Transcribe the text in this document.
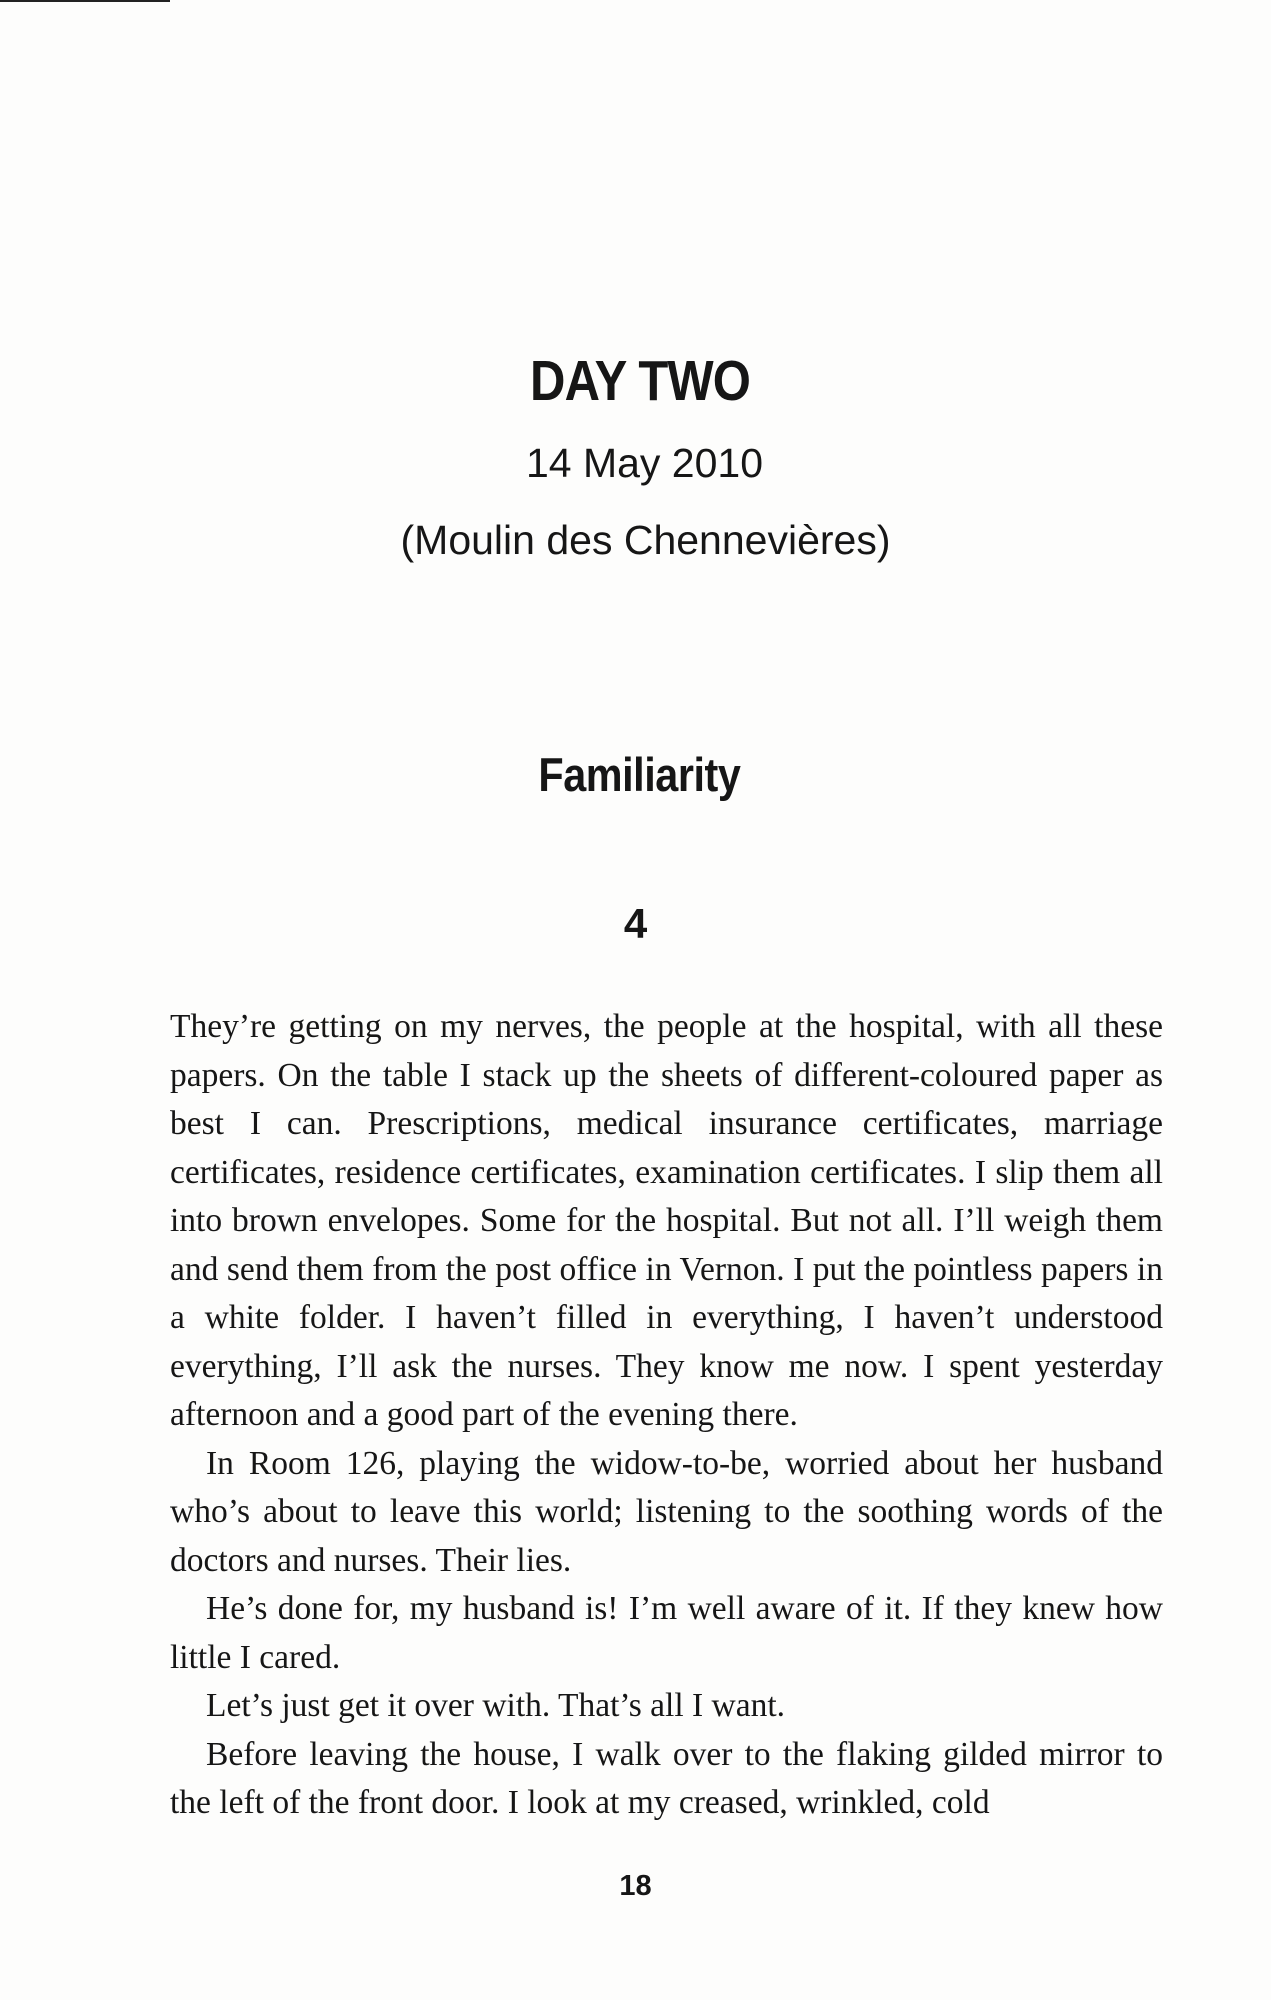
DAY TWO
14 May 2010
(Moulin des Chennevières)
Familiarity
4

They’re getting on my nerves, the people at the hospital, with all these papers. On the table I stack up the sheets of different-coloured paper as best I can. Prescriptions, medical insurance certificates, marriage certificates, residence certificates, examination certificates. I slip them all into brown envelopes. Some for the hospital. But not all. I’ll weigh them and send them from the post office in Vernon. I put the pointless papers in a white folder. I haven’t filled in everything, I haven’t understood everything, I’ll ask the nurses. They know me now. I spent yesterday afternoon and a good part of the evening there.

In Room 126, playing the widow-to-be, worried about her husband who’s about to leave this world; listening to the soothing words of the doctors and nurses. Their lies.

He’s done for, my husband is! I’m well aware of it. If they knew how little I cared.

Let’s just get it over with. That’s all I want.

Before leaving the house, I walk over to the flaking gilded mirror to the left of the front door. I look at my creased, wrinkled, cold

18
